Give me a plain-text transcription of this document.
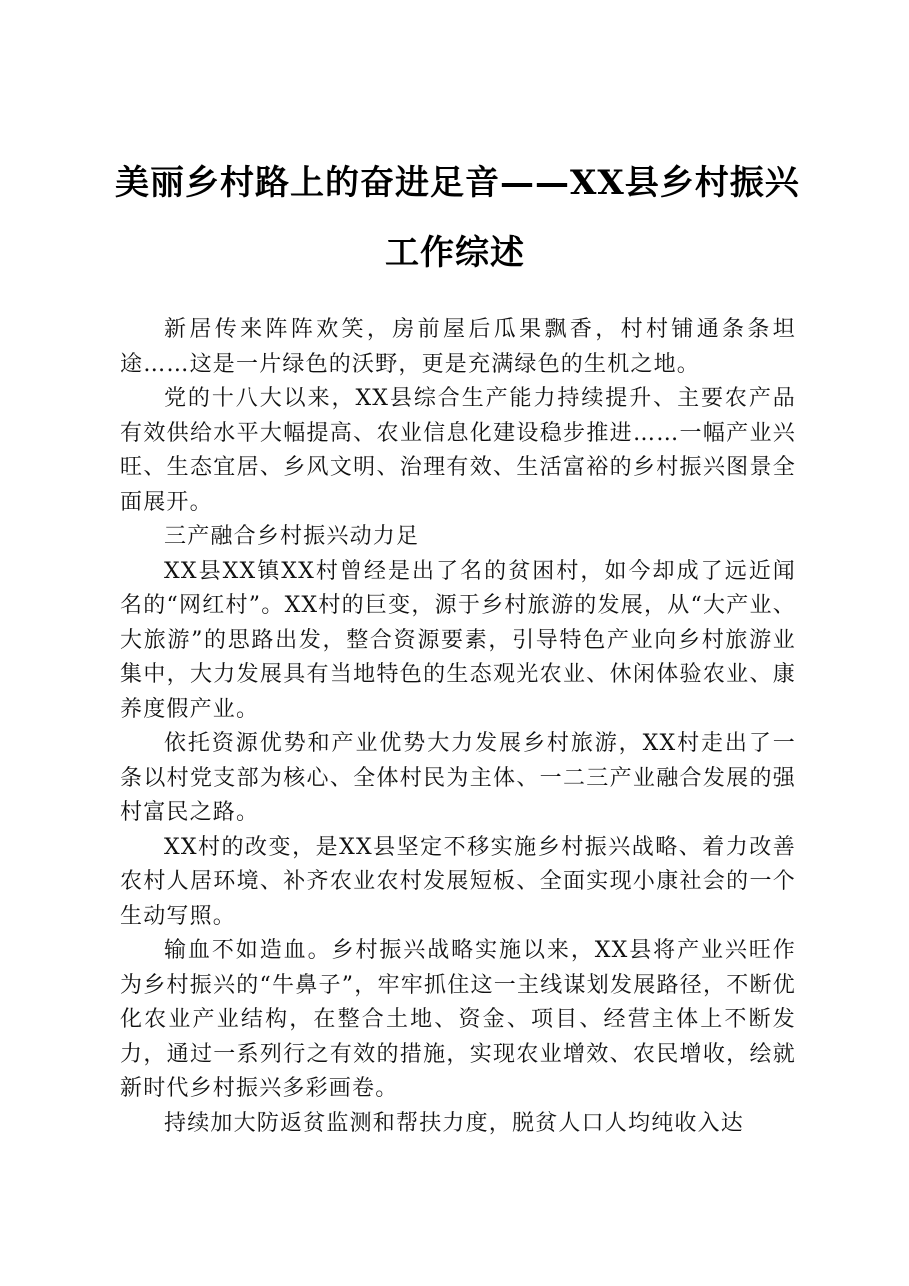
美丽乡村路上的奋进足音——XX县乡村振兴
工作综述

新居传来阵阵欢笑，房前屋后瓜果飘香，村村铺通条条坦途……这是一片绿色的沃野，更是充满绿色的生机之地。

党的十八大以来，XX县综合生产能力持续提升、主要农产品有效供给水平大幅提高、农业信息化建设稳步推进……一幅产业兴旺、生态宜居、乡风文明、治理有效、生活富裕的乡村振兴图景全面展开。

三产融合乡村振兴动力足

XX县XX镇XX村曾经是出了名的贫困村，如今却成了远近闻名的“网红村”。XX村的巨变，源于乡村旅游的发展，从“大产业、大旅游”的思路出发，整合资源要素，引导特色产业向乡村旅游业集中，大力发展具有当地特色的生态观光农业、休闲体验农业、康养度假产业。

依托资源优势和产业优势大力发展乡村旅游，XX村走出了一条以村党支部为核心、全体村民为主体、一二三产业融合发展的强村富民之路。

XX村的改变，是XX县坚定不移实施乡村振兴战略、着力改善农村人居环境、补齐农业农村发展短板、全面实现小康社会的一个生动写照。

输血不如造血。乡村振兴战略实施以来，XX县将产业兴旺作为乡村振兴的“牛鼻子”，牢牢抓住这一主线谋划发展路径，不断优化农业产业结构，在整合土地、资金、项目、经营主体上不断发力，通过一系列行之有效的措施，实现农业增效、农民增收，绘就新时代乡村振兴多彩画卷。

持续加大防返贫监测和帮扶力度，脱贫人口人均纯收入达
